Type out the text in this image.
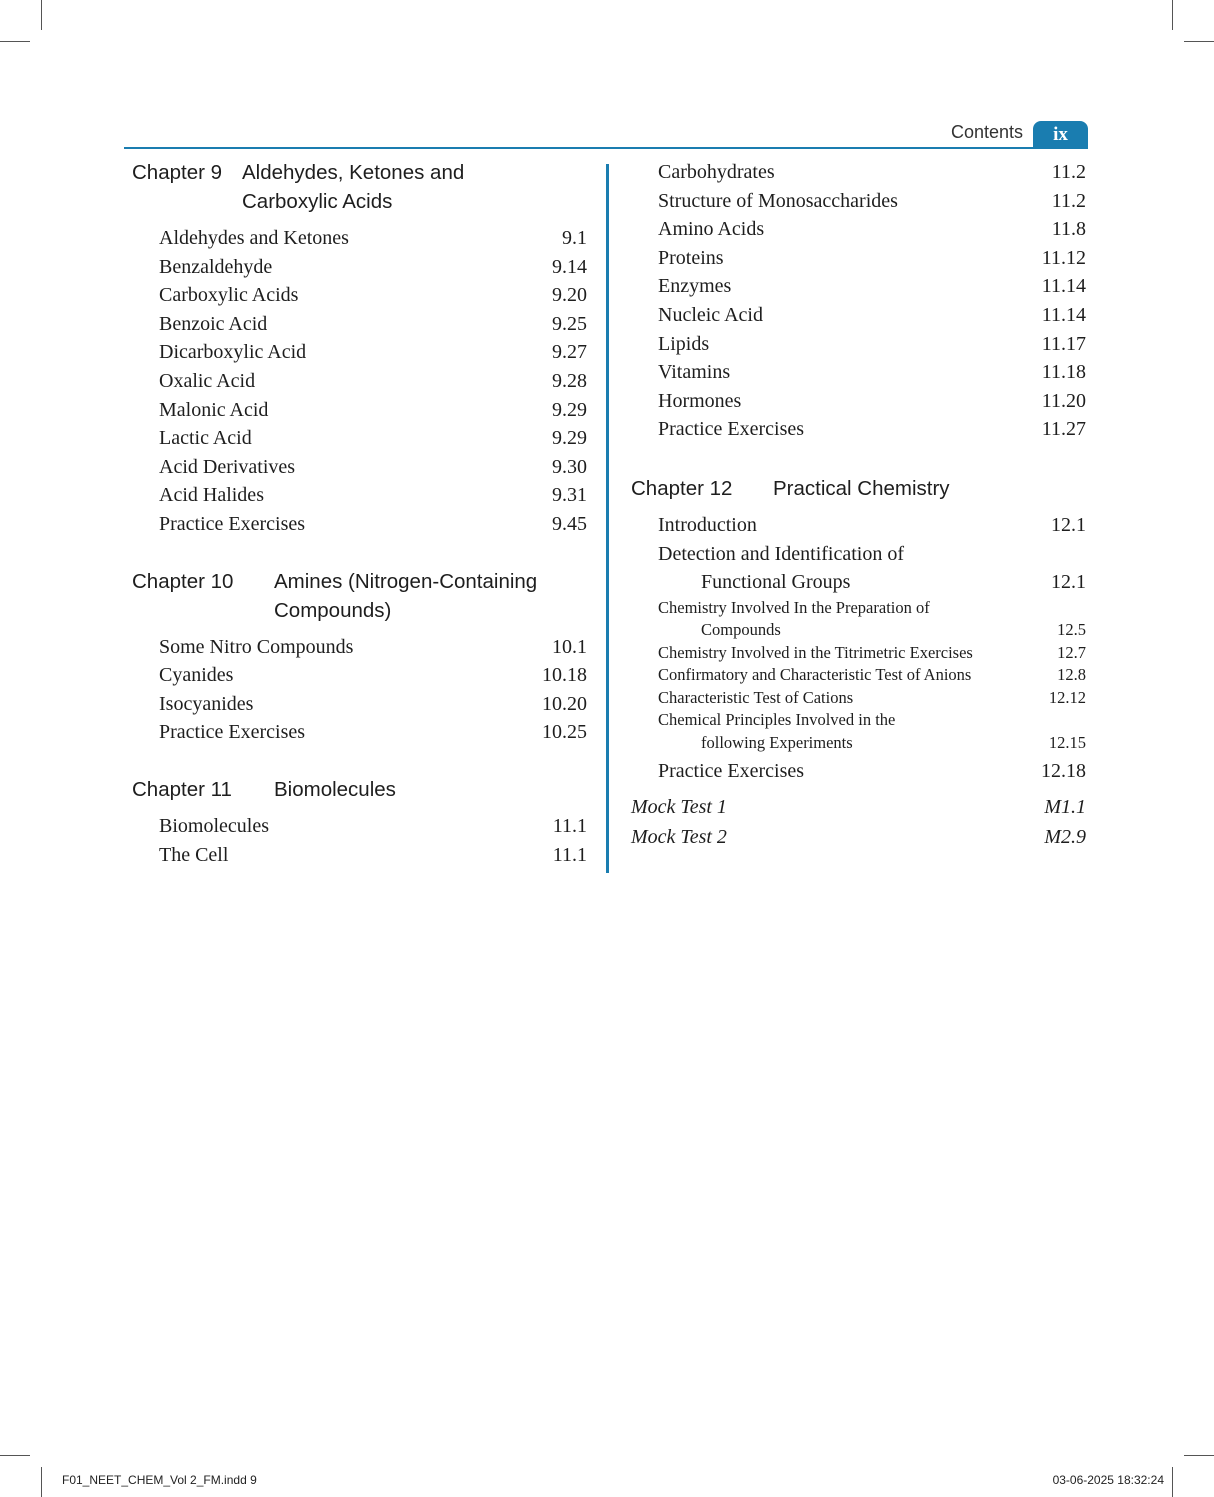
Contents	ix
Chapter 9 Aldehydes, Ketones and
Carboxylic Acids
Aldehydes and Ketones	9.1
Benzaldehyde	9.14
Carboxylic Acids	9.20
Benzoic Acid	9.25
Dicarboxylic Acid	9.27
Oxalic Acid	9.28
Malonic Acid	9.29
Lactic Acid	9.29
Acid Derivatives	9.30
Acid Halides	9.31
Practice Exercises	9.45
Chapter 10	Amines (Nitrogen-Containing
Compounds)
Some Nitro Compounds	10.1
Cyanides	10.18
Isocyanides	10.20
Practice Exercises	10.25
Chapter 11	Biomolecules
Biomolecules	11.1
The Cell	11.1
Carbohydrates	11.2
Structure of Monosaccharides	11.2
Amino Acids	11.8
Proteins	11.12
Enzymes	11.14
Nucleic Acid	11.14
Lipids	11.17
Vitamins	11.18
Hormones	11.20
Practice Exercises	11.27
Chapter 12	Practical Chemistry
Introduction	12.1
Detection and Identification of
Functional Groups	12.1
Chemistry Involved In the Preparation of
Compounds	12.5
Chemistry Involved in the Titrimetric Exercises	12.7
Confirmatory and Characteristic Test of Anions	12.8
Characteristic Test of Cations	12.12
Chemical Principles Involved in the
following Experiments	12.15
Practice Exercises	12.18
Mock Test 1	M1.1
Mock Test 2	M2.9
F01_NEET_CHEM_Vol 2_FM.indd 9	03-06-2025 18:32:24
